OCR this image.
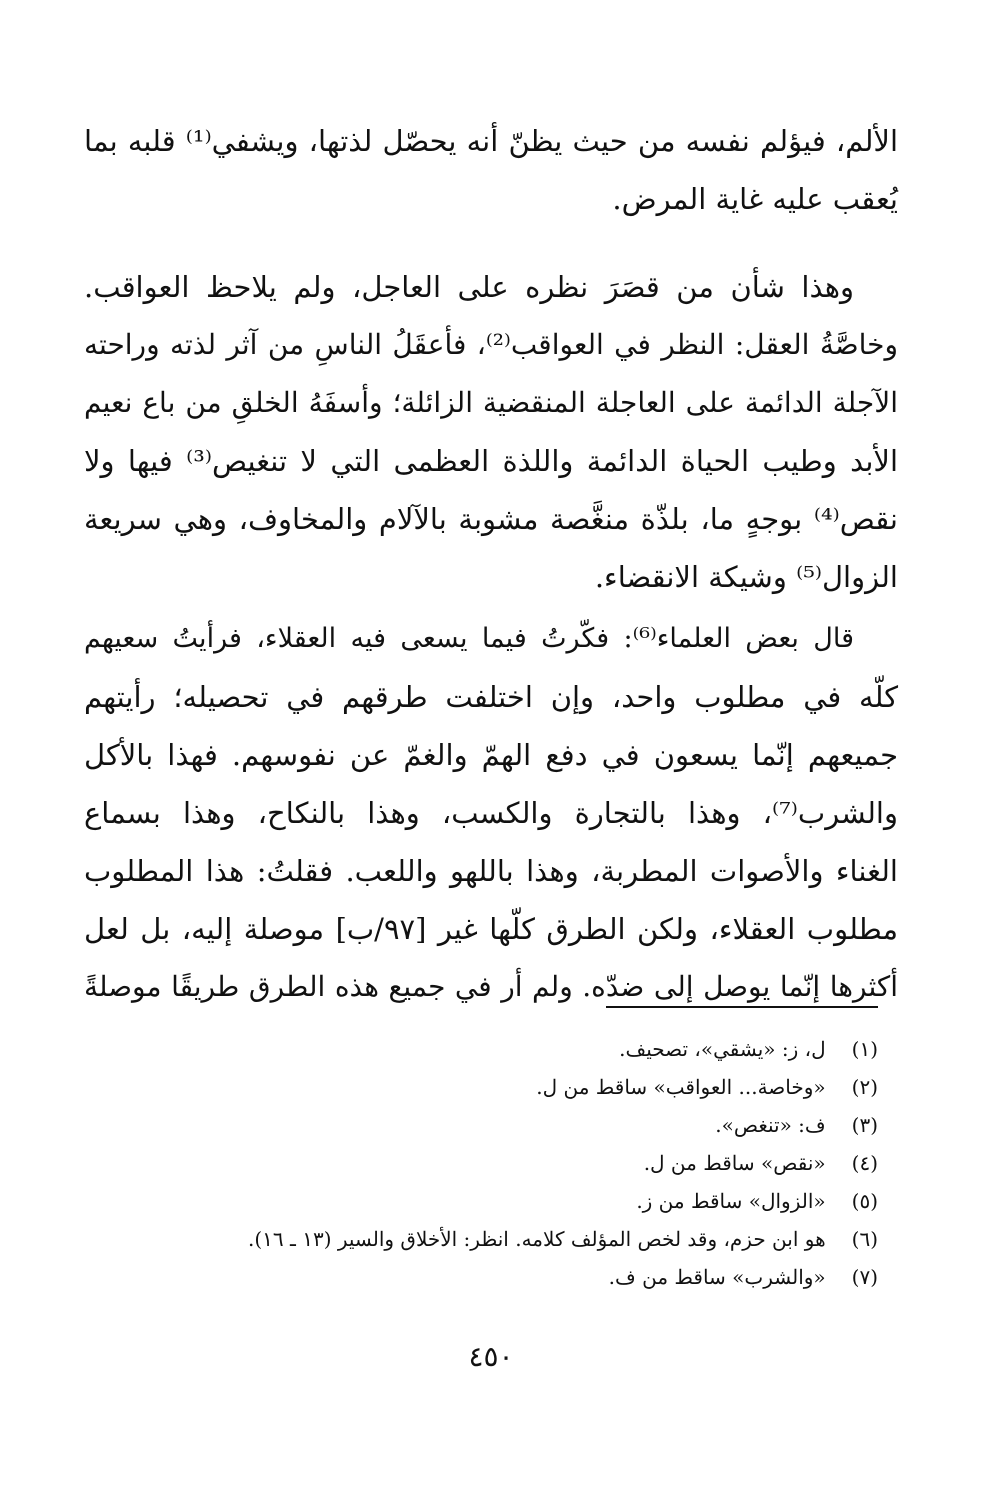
الألم، فيؤلم نفسه من حيث يظنّ أنه يحصّل لذتها، ويشفي⁽¹⁾ قلبه بما
يُعقب عليه غاية المرض.
وهذا شأن من قصَرَ نظره على العاجل، ولم يلاحظ العواقب.
وخاصَّةُ العقل: النظر في العواقب⁽²⁾، فأعقَلُ الناسِ من آثر لذته وراحته
الآجلة الدائمة على العاجلة المنقضية الزائلة؛ وأسفَهُ الخلقِ من باع نعيم
الأبد وطيب الحياة الدائمة واللذة العظمى التي لا تنغيص⁽³⁾ فيها ولا
نقص⁽⁴⁾ بوجهٍ ما، بلذّة منغَّصة مشوبة بالآلام والمخاوف، وهي سريعة
الزوال⁽⁵⁾ وشيكة الانقضاء.
قال بعض العلماء⁽⁶⁾: فكّرتُ فيما يسعى فيه العقلاء، فرأيتُ سعيهم
كلّه في مطلوب واحد، وإن اختلفت طرقهم في تحصيله؛ رأيتهم
جميعهم إنّما يسعون في دفع الهمّ والغمّ عن نفوسهم. فهذا بالأكل
والشرب⁽⁷⁾، وهذا بالتجارة والكسب، وهذا بالنكاح، وهذا بسماع
الغناء والأصوات المطربة، وهذا باللهو واللعب. فقلتُ: هذا المطلوب
مطلوب العقلاء، ولكن الطرق كلّها غير [٩٧/ب] موصلة إليه، بل لعل
أكثرها إنّما يوصل إلى ضدّه. ولم أر في جميع هذه الطرق طريقًا موصلةً
(١) ل، ز: «يشقي»، تصحيف.
(٢) «وخاصة... العواقب» ساقط من ل.
(٣) ف: «تنغص».
(٤) «نقص» ساقط من ل.
(٥) «الزوال» ساقط من ز.
(٦) هو ابن حزم، وقد لخص المؤلف كلامه. انظر: الأخلاق والسير (١٣ ـ ١٦).
(٧) «والشرب» ساقط من ف.
٤٥٠
